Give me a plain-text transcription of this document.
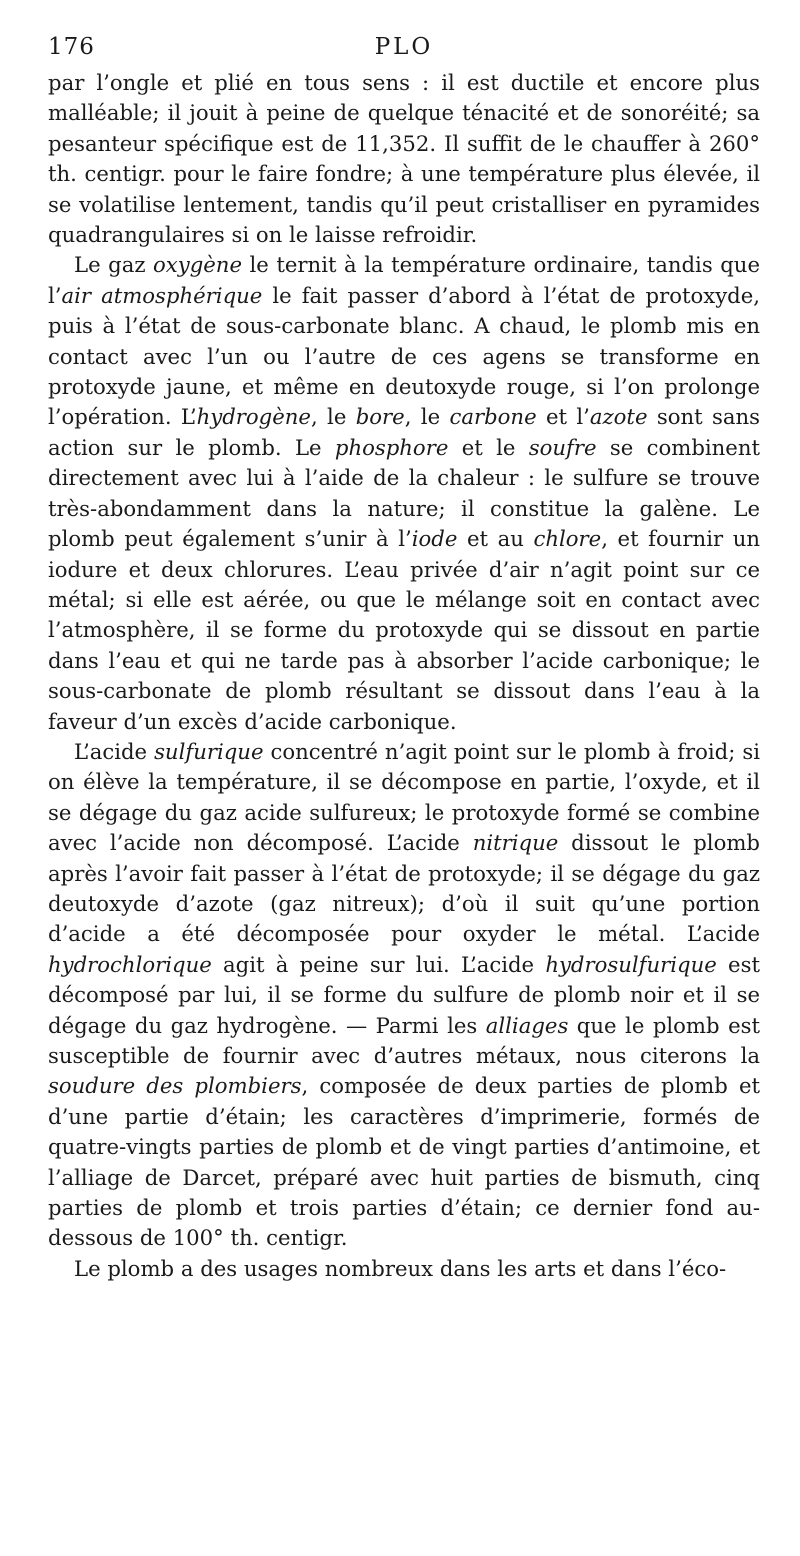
176	PLO

par l’ongle et plié en tous sens : il est ductile et encore plus malléable; il jouit à peine de quelque ténacité et de sonoréité; sa pesanteur spécifique est de 11,352. Il suffit de le chauffer à 260° th. centigr. pour le faire fondre; à une température plus élevée, il se volatilise lentement, tandis qu’il peut cristalliser en pyramides quadrangulaires si on le laisse refroidir.

Le gaz oxygène le ternit à la température ordinaire, tandis que l’air atmosphérique le fait passer d’abord à l’état de protoxyde, puis à l’état de sous-carbonate blanc. A chaud, le plomb mis en contact avec l’un ou l’autre de ces agens se transforme en protoxyde jaune, et même en deutoxyde rouge, si l’on prolonge l’opération. L’hydrogène, le bore, le carbone et l’azote sont sans action sur le plomb. Le phosphore et le soufre se combinent directement avec lui à l’aide de la chaleur : le sulfure se trouve très-abondamment dans la nature; il constitue la galène. Le plomb peut également s’unir à l’iode et au chlore, et fournir un iodure et deux chlorures. L’eau privée d’air n’agit point sur ce métal; si elle est aérée, ou que le mélange soit en contact avec l’atmosphère, il se forme du protoxyde qui se dissout en partie dans l’eau et qui ne tarde pas à absorber l’acide carbonique; le sous-carbonate de plomb résultant se dissout dans l’eau à la faveur d’un excès d’acide carbonique.

L’acide sulfurique concentré n’agit point sur le plomb à froid; si on élève la température, il se décompose en partie, l’oxyde, et il se dégage du gaz acide sulfureux; le protoxyde formé se combine avec l’acide non décomposé. L’acide nitrique dissout le plomb après l’avoir fait passer à l’état de protoxyde; il se dégage du gaz deutoxyde d’azote (gaz nitreux); d’où il suit qu’une portion d’acide a été décomposée pour oxyder le métal. L’acide hydrochlorique agit à peine sur lui. L’acide hydrosulfurique est décomposé par lui, il se forme du sulfure de plomb noir et il se dégage du gaz hydrogène. — Parmi les alliages que le plomb est susceptible de fournir avec d’autres métaux, nous citerons la soudure des plombiers, composée de deux parties de plomb et d’une partie d’étain; les caractères d’imprimerie, formés de quatre-vingts parties de plomb et de vingt parties d’antimoine, et l’alliage de Darcet, préparé avec huit parties de bismuth, cinq parties de plomb et trois parties d’étain; ce dernier fond au-dessous de 100° th. centigr.

Le plomb a des usages nombreux dans les arts et dans l’éco-
